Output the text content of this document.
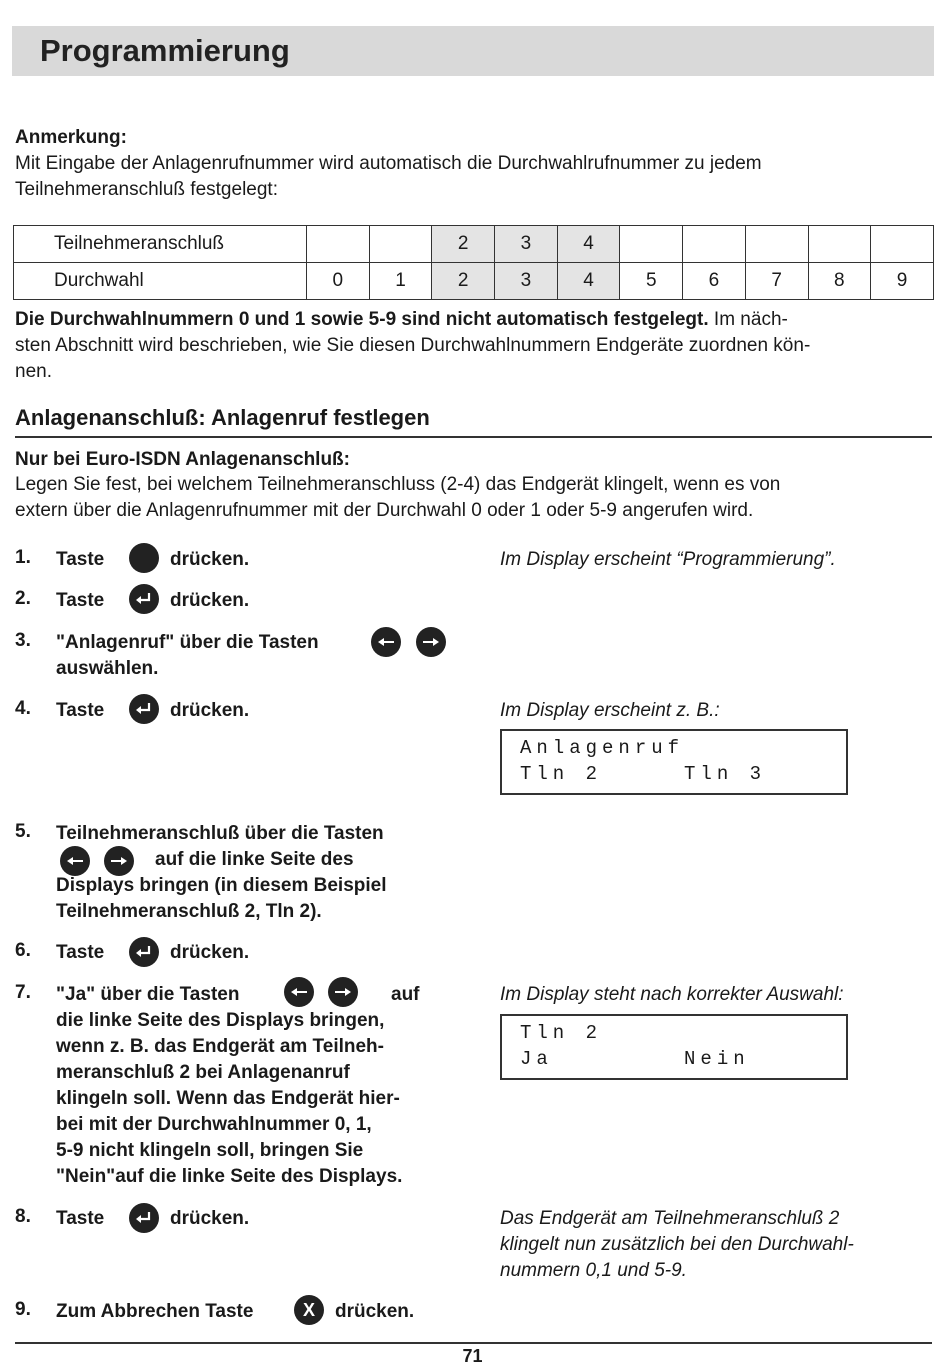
Programmierung
Anmerkung:
Mit Eingabe der Anlagenrufnummer wird automatisch die Durchwahlrufnummer zu jedem
Teilnehmeranschluß festgelegt:
Teilnehmeranschluß			2	3	4					
Durchwahl	0	1	2	3	4	5	6	7	8	9
Die Durchwahlnummern 0 und 1 sowie 5-9 sind nicht automatisch festgelegt. Im näch-
sten Abschnitt wird beschrieben, wie Sie diesen Durchwahlnummern Endgeräte zuordnen kön-
nen.
Anlagenanschluß: Anlagenruf festlegen
Nur bei Euro-ISDN Anlagenanschluß:
Legen Sie fest, bei welchem Teilnehmeranschluss (2-4) das Endgerät klingelt, wenn es von
extern über die Anlagenrufnummer mit der Durchwahl 0 oder 1 oder 5-9 angerufen wird.
1. Taste	drücken.	Im Display erscheint “Programmierung”.
2. Taste	drücken.
3. "Anlagenruf" über die Tasten
auswählen.
4. Taste	drücken.	Im Display erscheint z. B.:
Anlagenruf
Tln 2     Tln 3
5. Teilnehmeranschluß über die Tasten
auf die linke Seite des
Displays bringen (in diesem Beispiel
Teilnehmeranschluß 2, Tln 2).
6. Taste	drücken.
7. "Ja" über die Tasten	auf
die linke Seite des Displays bringen,
wenn z. B. das Endgerät am Teilneh-
meranschluß 2 bei Anlagenanruf
klingeln soll. Wenn das Endgerät hier-
bei mit der Durchwahlnummer 0, 1,
5-9 nicht klingeln soll, bringen Sie
"Nein"auf die linke Seite des Displays.
Im Display steht nach korrekter Auswahl:
Tln 2
Ja        Nein
8. Taste	drücken.	Das Endgerät am Teilnehmeranschluß 2
klingelt nun zusätzlich bei den Durchwahl-
nummern 0,1 und 5-9.
9. Zum Abbrechen Taste	X drücken.
71
